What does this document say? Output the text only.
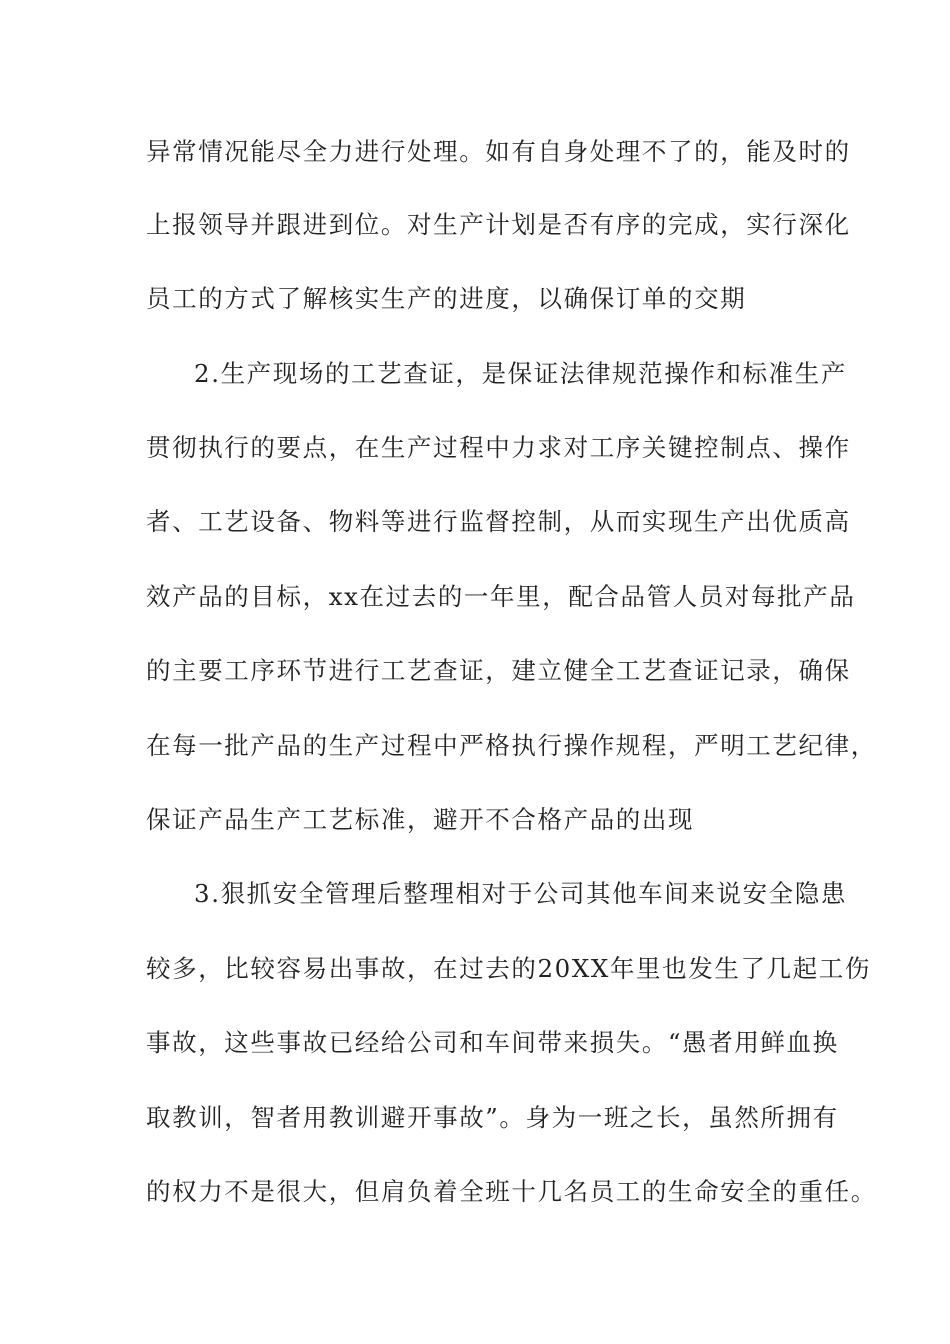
异常情况能尽全力进行处理。如有自身处理不了的，能及时的
上报领导并跟进到位。对生产计划是否有序的完成，实行深化
员工的方式了解核实生产的进度，以确保订单的交期
2.生产现场的工艺查证，是保证法律规范操作和标准生产
贯彻执行的要点，在生产过程中力求对工序关键控制点、操作
者、工艺设备、物料等进行监督控制，从而实现生产出优质高
效产品的目标，xx在过去的一年里，配合品管人员对每批产品
的主要工序环节进行工艺查证，建立健全工艺查证记录，确保
在每一批产品的生产过程中严格执行操作规程，严明工艺纪律，
保证产品生产工艺标准，避开不合格产品的出现
3.狠抓安全管理后整理相对于公司其他车间来说安全隐患
较多，比较容易出事故，在过去的20XX年里也发生了几起工伤
事故，这些事故已经给公司和车间带来损失。“愚者用鲜血换
取教训，智者用教训避开事故”。身为一班之长，虽然所拥有
的权力不是很大，但肩负着全班十几名员工的生命安全的重任。
